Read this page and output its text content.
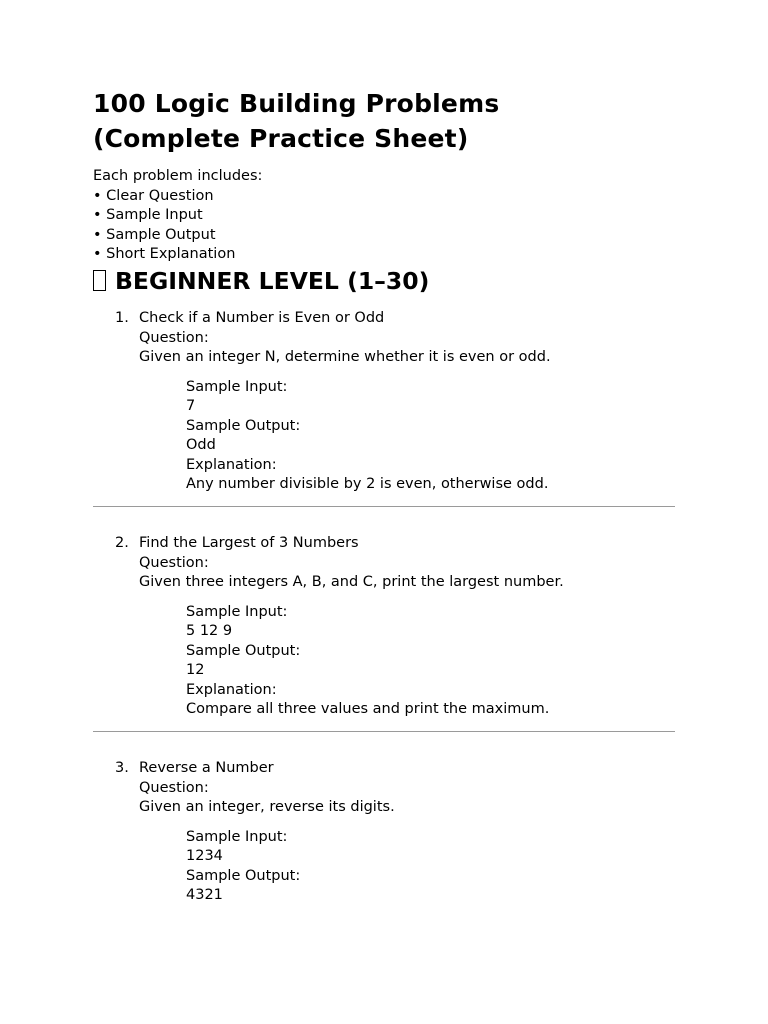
100 Logic Building Problems
(Complete Practice Sheet)
Each problem includes:
• Clear Question
• Sample Input
• Sample Output
• Short Explanation
BEGINNER LEVEL (1–30)
1. Check if a Number is Even or Odd
Question:
Given an integer N, determine whether it is even or odd.
Sample Input:
7
Sample Output:
Odd
Explanation:
Any number divisible by 2 is even, otherwise odd.
2. Find the Largest of 3 Numbers
Question:
Given three integers A, B, and C, print the largest number.
Sample Input:
5 12 9
Sample Output:
12
Explanation:
Compare all three values and print the maximum.
3. Reverse a Number
Question:
Given an integer, reverse its digits.
Sample Input:
1234
Sample Output:
4321
